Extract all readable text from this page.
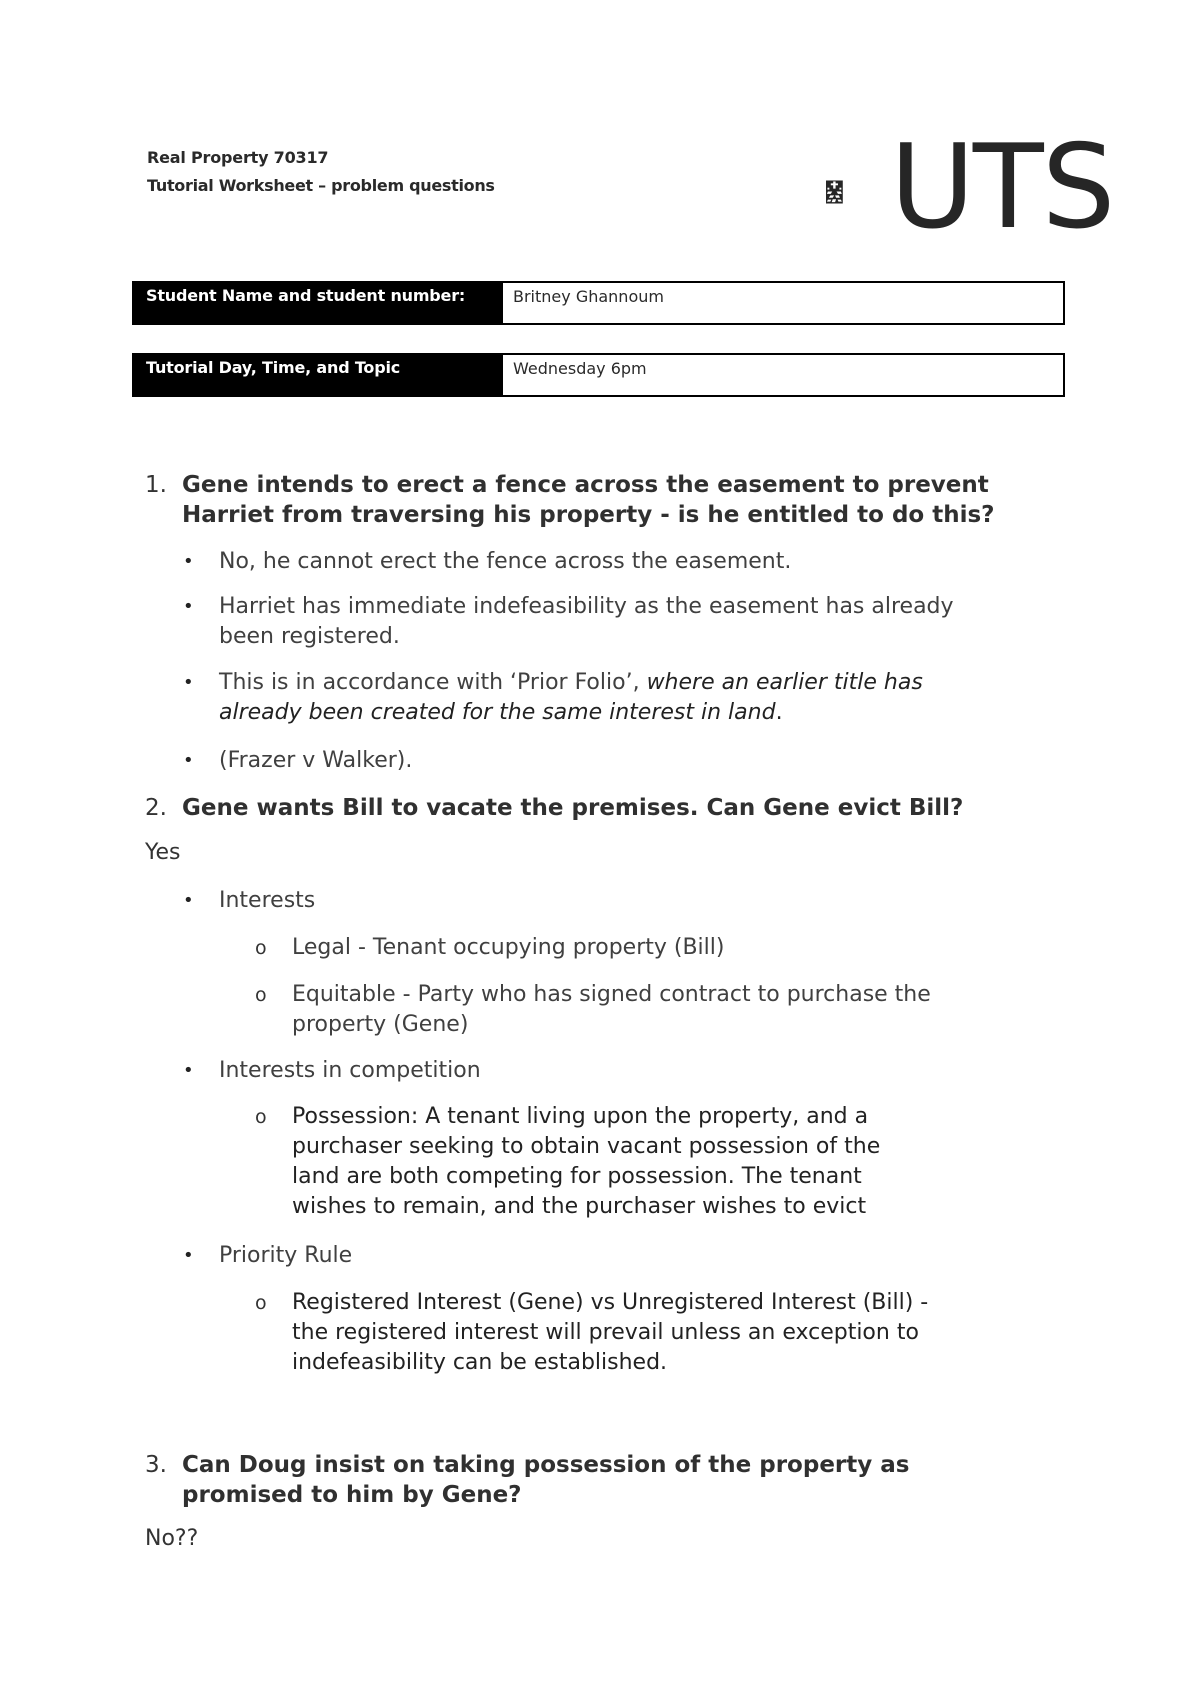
Real Property 70317
Tutorial Worksheet – problem questions	UTS
Student Name and student number:	Britney Ghannoum
Tutorial Day, Time, and Topic	Wednesday 6pm
1. Gene intends to erect a fence across the easement to prevent
Harriet from traversing his property - is he entitled to do this?
• No, he cannot erect the fence across the easement.
• Harriet has immediate indefeasibility as the easement has already
been registered.
• This is in accordance with ‘Prior Folio’, where an earlier title has
already been created for the same interest in land.
• (Frazer v Walker).
2. Gene wants Bill to vacate the premises. Can Gene evict Bill?
Yes
• Interests
o Legal - Tenant occupying property (Bill)
o Equitable - Party who has signed contract to purchase the
property (Gene)
• Interests in competition
o Possession: A tenant living upon the property, and a
purchaser seeking to obtain vacant possession of the
land are both competing for possession. The tenant
wishes to remain, and the purchaser wishes to evict
• Priority Rule
o Registered Interest (Gene) vs Unregistered Interest (Bill) -
the registered interest will prevail unless an exception to
indefeasibility can be established.
3. Can Doug insist on taking possession of the property as
promised to him by Gene?
No??
